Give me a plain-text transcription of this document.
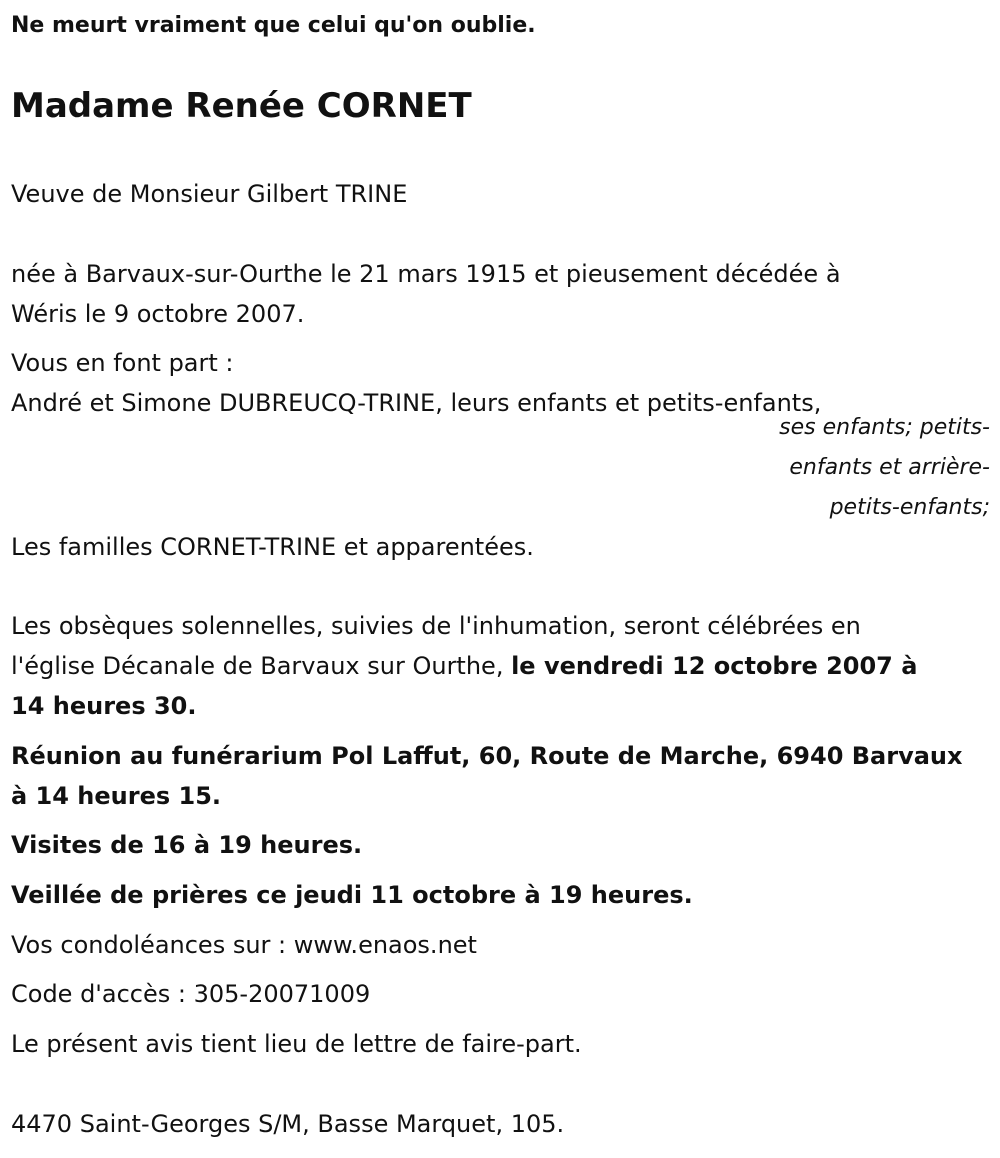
Ne meurt vraiment que celui qu'on oublie.
Madame Renée CORNET
Veuve de Monsieur Gilbert TRINE
née à Barvaux-sur-Ourthe le 21 mars 1915 et pieusement décédée à
Wéris le 9 octobre 2007.
Vous en font part :
André et Simone DUBREUCQ-TRINE, leurs enfants et petits-enfants,
ses enfants; petits-
enfants et arrière-
petits-enfants;
Les familles CORNET-TRINE et apparentées.
Les obsèques solennelles, suivies de l'inhumation, seront célébrées en
l'église Décanale de Barvaux sur Ourthe, le vendredi 12 octobre 2007 à
14 heures 30.
Réunion au funérarium Pol Laffut, 60, Route de Marche, 6940 Barvaux
à 14 heures 15.
Visites de 16 à 19 heures.
Veillée de prières ce jeudi 11 octobre à 19 heures.
Vos condoléances sur : www.enaos.net
Code d'accès : 305-20071009
Le présent avis tient lieu de lettre de faire-part.
4470 Saint-Georges S/M, Basse Marquet, 105.
